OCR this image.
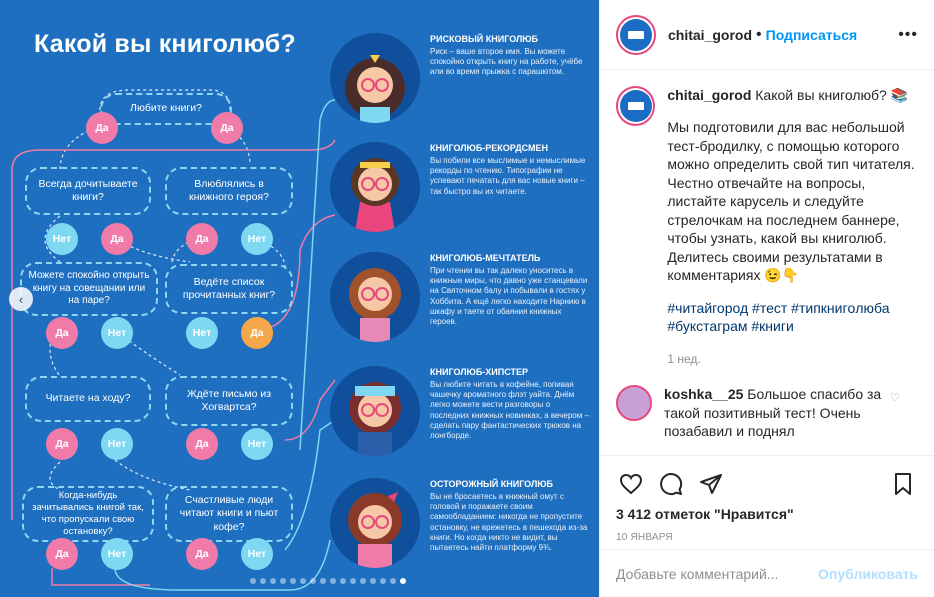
Какой вы книголюб?
Любите книги?
Да	Да
Всегда дочитываете книги?
Влюблялись в книжного героя?
Нет	Да	Да	Нет
Можете спокойно открыть книгу на совещании или на паре?
Ведёте список прочитанных книг?
Да	Нет	Нет	Да
Читаете на ходу?	Ждёте письмо из Хогвартса?
Да	Нет	Да	Нет
Когда-нибудь зачитывались книгой так, что пропускали свою остановку?
Счастливые люди читают книги и пьют кофе?
Да	Нет	Да	Нет
РИСКОВЫЙ КНИГОЛЮБ
Риск – ваше второе имя. Вы можете спокойно открыть книгу на работе, учёбе или во время прыжка с парашютом.
КНИГОЛЮБ-РЕКОРДСМЕН
Вы побили все мыслимые и немыслимые рекорды по чтению. Типографии не успевают печатать для вас новые книги – так быстро вы их читаете.
КНИГОЛЮБ-МЕЧТАТЕЛЬ
При чтении вы так далеко уноситесь в книжные миры, что давно уже станцевали на Святочном балу и побывали в гостях у Хоббита. А ещё легко находите Нарнию в шкафу и таете от обаяния книжных героев.
КНИГОЛЮБ-ХИПСТЕР
Вы любите читать в кофейне, попивая чашечку ароматного флэт уайта. Днём легко можете вести разговоры о последних книжных новинках, а вечером – сделать пару фантастических трюков на лонгборде.
ОСТОРОЖНЫЙ КНИГОЛЮБ
Вы не бросаетесь в книжный омут с головой и поражаете своим самообладанием: никогда не пропустите остановку, не врежетесь в пешехода из-за книги. Но когда никто не видит, вы пытаетесь найти платформу 9¾.
‹
chitai_gorod • Подписаться	•••
chitai_gorod Какой вы книголюб? 📚
Мы подготовили для вас небольшой тест-бродилку, с помощью которого можно определить свой тип читателя. Честно отвечайте на вопросы, листайте карусель и следуйте стрелочкам на последнем баннере, чтобы узнать, какой вы книголюб. Делитесь своими результатами в комментариях 😉👇
#читайгород #тест #типкнигoлюба #букстаграм #книги
1 нед.
koshka__25 Большое спасибо за такой позитивный тест! Очень позабавил и поднял
♡
3 412 отметок "Нравится"
10 ЯНВАРЯ
Добавьте комментарий...	Опубликовать
